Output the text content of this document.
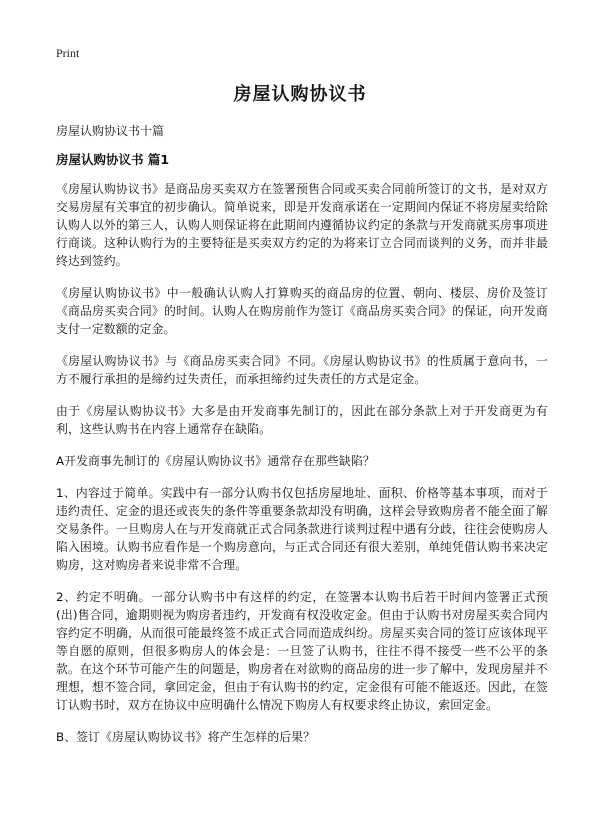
Print
房屋认购协议书

房屋认购协议书十篇

房屋认购协议书 篇1

《房屋认购协议书》是商品房买卖双方在签署预售合同或买卖合同前所签订的文书，是对双方交易房屋有关事宜的初步确认。简单说来，即是开发商承诺在一定期间内保证不将房屋卖给除认购人以外的第三人，认购人则保证将在此期间内遵循协议约定的条款与开发商就买房事项进行商谈。这种认购行为的主要特征是买卖双方约定的为将来订立合同而谈判的义务，而并非最终达到签约。

《房屋认购协议书》中一般确认认购人打算购买的商品房的位置、朝向、楼层、房价及签订《商品房买卖合同》的时间。认购人在购房前作为签订《商品房买卖合同》的保证，向开发商支付一定数额的定金。

《房屋认购协议书》与《商品房买卖合同》不同。《房屋认购协议书》的性质属于意向书，一方不履行承担的是缔约过失责任，而承担缔约过失责任的方式是定金。

由于《房屋认购协议书》大多是由开发商事先制订的，因此在部分条款上对于开发商更为有利，这些认购书在内容上通常存在缺陷。

A开发商事先制订的《房屋认购协议书》通常存在那些缺陷？

1、内容过于简单。实践中有一部分认购书仅包括房屋地址、面积、价格等基本事项，而对于违约责任、定金的退还或丧失的条件等重要条款却没有明确，这样会导致购房者不能全面了解交易条件。一旦购房人在与开发商就正式合同条款进行谈判过程中遇有分歧，往往会使购房人陷入困境。认购书应看作是一个购房意向，与正式合同还有很大差别，单纯凭借认购书来决定购房，这对购房者来说非常不合理。

2、约定不明确。一部分认购书中有这样的约定，在签署本认购书后若干时间内签署正式预(出)售合同，逾期则视为购房者违约，开发商有权没收定金。但由于认购书对房屋买卖合同内容约定不明确，从而很可能最终签不成正式合同而造成纠纷。房屋买卖合同的签订应该体现平等自愿的原则，但很多购房人的体会是：一旦签了认购书，往往不得不接受一些不公平的条款。在这个环节可能产生的问题是，购房者在对欲购的商品房的进一步了解中，发现房屋并不理想，想不签合同，拿回定金，但由于有认购书的约定，定金很有可能不能返还。因此，在签订认购书时，双方在协议中应明确什么情况下购房人有权要求终止协议，索回定金。

B、签订《房屋认购协议书》将产生怎样的后果？
